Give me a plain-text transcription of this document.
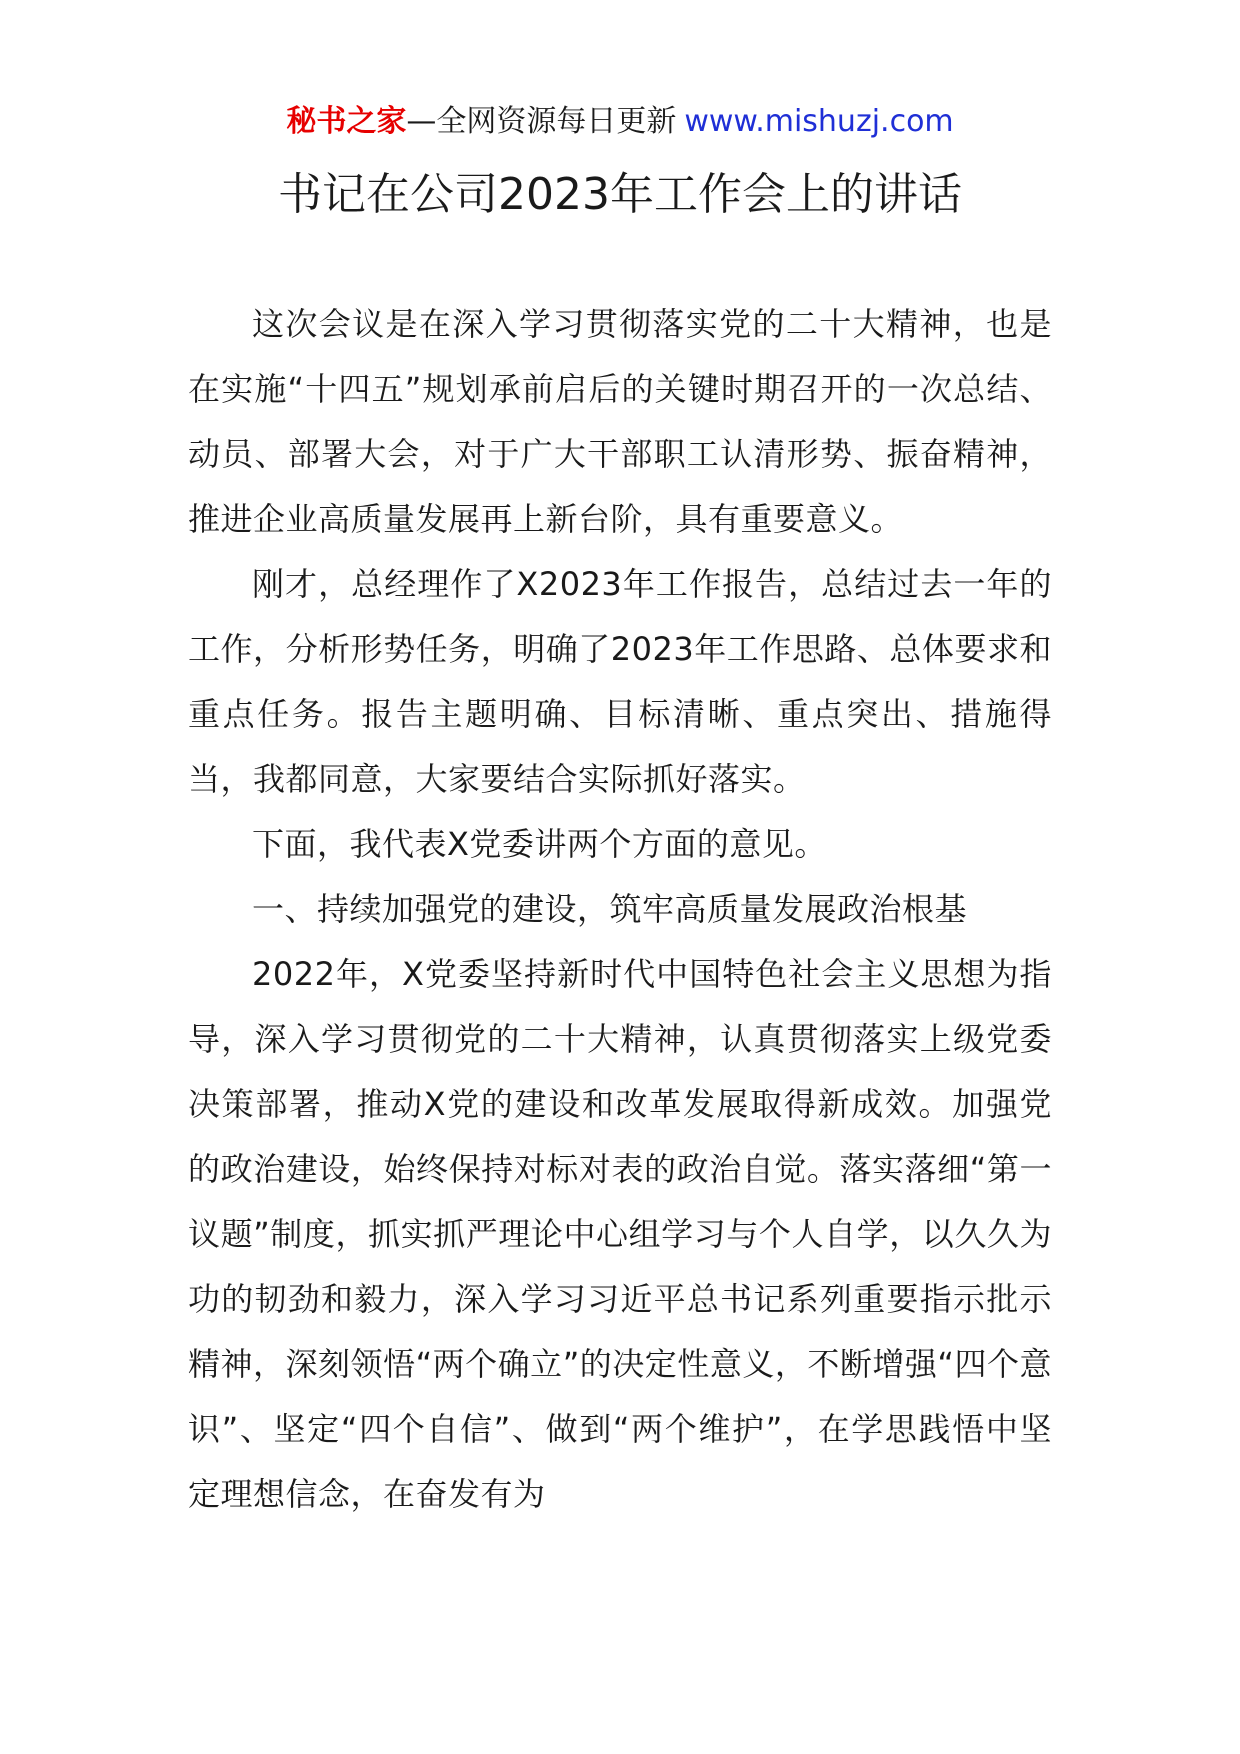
秘书之家—全网资源每日更新 www.mishuzj.com
书记在公司2023年工作会上的讲话

这次会议是在深入学习贯彻落实党的二十大精神，也是在实施“十四五”规划承前启后的关键时期召开的一次总结、动员、部署大会，对于广大干部职工认清形势、振奋精神，推进企业高质量发展再上新台阶，具有重要意义。

刚才，总经理作了X2023年工作报告，总结过去一年的工作，分析形势任务，明确了2023年工作思路、总体要求和重点任务。报告主题明确、目标清晰、重点突出、措施得当，我都同意，大家要结合实际抓好落实。

下面，我代表X党委讲两个方面的意见。

一、持续加强党的建设，筑牢高质量发展政治根基

2022年，X党委坚持新时代中国特色社会主义思想为指导，深入学习贯彻党的二十大精神，认真贯彻落实上级党委决策部署，推动X党的建设和改革发展取得新成效。加强党的政治建设，始终保持对标对表的政治自觉。落实落细“第一议题”制度，抓实抓严理论中心组学习与个人自学，以久久为功的韧劲和毅力，深入学习习近平总书记系列重要指示批示精神，深刻领悟“两个确立”的决定性意义，不断增强“四个意识”、坚定“四个自信”、做到“两个维护”，在学思践悟中坚定理想信念，在奋发有为
